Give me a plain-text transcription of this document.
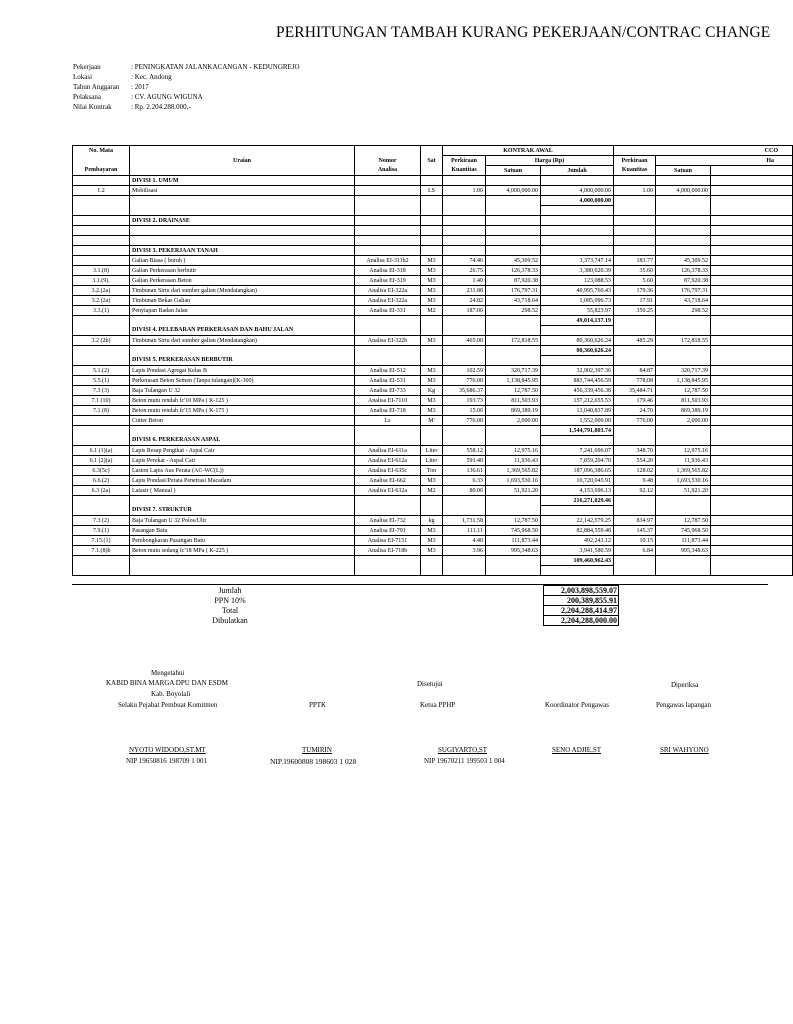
PERHITUNGAN TAMBAH KURANG PEKERJAAN/CONTRAC CHANGE
Pekerjaan	: PENINGKATAN JALANKACANGAN - KEDUNGREJO
Lokasi	: Kec. Andong
Tahun Anggaran	: 2017
Pelaksana	: CV. AGUNG WIGUNA
Nilai Kontrak	: Rp. 2.204.288.000,-
No. Mata				KONTRAK AWAL			CCO		
	Uraian	Nomor	Sat	Perkiraan	Harga (Rp)		Perkiraan	Ha	
Pembayaran		Analisa		Kuantitas	Satuan	Jumlah	Kuantitas	Satuan	
	DIVISI 1. UMUM								
1.2	Mobilisasi		LS	1.00	4,000,000.00	4,000,000.00	1.00	4,000,000.00	
						4,000,000.00			

	DIVISI 2. DRAINASE								

	DIVISI 3. PEKERJAAN TANAH								
	Galian Biasa ( buruh )	Analisa EI-311b2	M3	74.46	45,309.52	3,373,747.14	183.77	45,309.52	
3.1.(8)	Galian Perkerasan berbutir	Analisa EI-318	M3	26.75	126,378.33	3,380,620.39	35.60	126,378.33	
3.1.(9).	Galian Perkerasan Beton	Analisa EI-319	M3	1.40	87,920.38	123,088.53	5.60	87,920.38	
3.2.(2a)	Timbunan Sirtu dari sumber galian (Mendatangkan)	Analisa EI-322a	M3	231.88	176,797.31	40,995,760.43	179.36	176,797.31	
3.2.(2a)	Timbunan Bekas Galian	Analisa EI-322a	M3	24.82	43,718.64	1,085,096.73	17.91	43,718.64	
3.3.(1)	Penyiapan Badan Jalan	Analisa EI-331	M2	187.00	298.52	55,823.97	350.25	298.52	
						49,014,137.19			
	DIVISI 4. PELEBARAN PERKERASAN DAN BAHU JALAN								
3.2 (2b)	Timbunan Sirtu dari sumber galian (Mendatangkan)	Analisa EI-322b	M3	465.00	172,818.55	80,360,626.24	485.29	172,818.55	
						80,360,626.24			
	DIVISI 5. PERKERASAN BERBUTIR								
5.1.(2)	Lapis Pondasi Agregat Kelas B	Analisa EI-512	M3	102.59	320,717.39	32,902,397.36	84.87	320,717.39	
5.5.(1)	Perkerasan Beton Semen (Tanpa tulangan)(K-300)	Analisa EI-531	M3	776.00	1,138,845.95	883,744,456.59	778.08	1,138,845.95	
7.3 (3)	Baja Tulangan U 32	Analisa EI-733	Kg	35,686.37	12,787.50	456,339,456.38	35,484.71	12,787.50	
7.1 (10)	Beton mutu rendah fc'10 MPa ( K-125 )	Analisa EI-7110	M3	193.73	811,503.93	157,212,655.53	179.46	811,503.93	
7.1 (8)	Beton mutu rendah fc'15 MPa ( K-175 )	Analisa EI-718	M3	15.00	869,389.19	13,040,837.89	24.70	869,389.19	
	Cutter Beton	Ls	M'	776.00	2,000.00	1,552,000.00	776.00	2,000.00	
						1,544,791,803.74			
	DIVISI 6. PERKERASAN ASPAL								
6.1 (1)(a)	Lapis Resap Pengikat - Aspal Cair	Analisa EI-611a	Liter	558.12	12,975.16	7,241,696.07	348.70	12,975.16	
6.1 (2)(a)	Lapis Perekat - Aspal Cair	Analisa EI-612a	Liter	591.40	11,936.43	7,059,204.70	554.20	11,936.43	
6.3(5c)	Laston Lapis Aus Perata (AC-WC(L))	Analisa EI-635c	Ton	136.61	1,369,565.82	187,096,386.65	128.02	1,369,565.82	
6.6.(2)	Lapis Pondasi/Perata Penetrasi Macadam	Analisa EI-662	M3	6.33	1,693,530.16	10,720,045.91	9.48	1,693,530.16	
6.3 (2a)	Latasir ( Manual )	Analisa EI-632a	M2	80.00	51,921.20	4,153,696.13	92.12	51,921.20	
						216,271,029.46			
	DIVISI 7. STRUKTUR								
7.3 (2)	Baja Tulangan U 32 Polos/Ulir	Analisa EI-732	kg	1,731.58	12,787.50	22,142,579.25	834.97	12,787.50	
7.9.(1)	Pasangan Batu	Analisa EI-791	M3	111.11	745,968.50	82,884,559.48	145.37	745,968.50	
7.15.(1)	Pembongkaran Pasangan Batu	Analisa EI-7151	M3	4.40	111,873.44	492,243.12	10.15	111,873.44	
7.1.(8)b	Beton mutu sedang fc'18 MPa ( K-225 )	Analisa EI-718b	M3	3.96	995,348.63	3,941,580.59	6.84	995,348.63	
						109,460,962.43			

Jumlah	2,003,898,559.07
PPN 10%	200,389,855.91
Total	2,204,288,414.97
Dibulatkan	2,204,288,000.00
Mengetahui
KABID BINA MARGA DPU DAN ESDM
Kab. Boyolali
Selaku Pejabat Pembuat Komitmen
Disetujui	Diperiksa
PPTK	Ketua PPHP	Koordinator Pengawas	Pengawas lapangan
NYOTO WIDODO,ST.MT
NIP 19650816 198709 1 001
TUMIRIN
NIP.19600808 198603 1 028
SUGIYARTO,ST
NIP 19670211 199503 1 004
SENO ADJIE,ST	SRI WAHYONO
